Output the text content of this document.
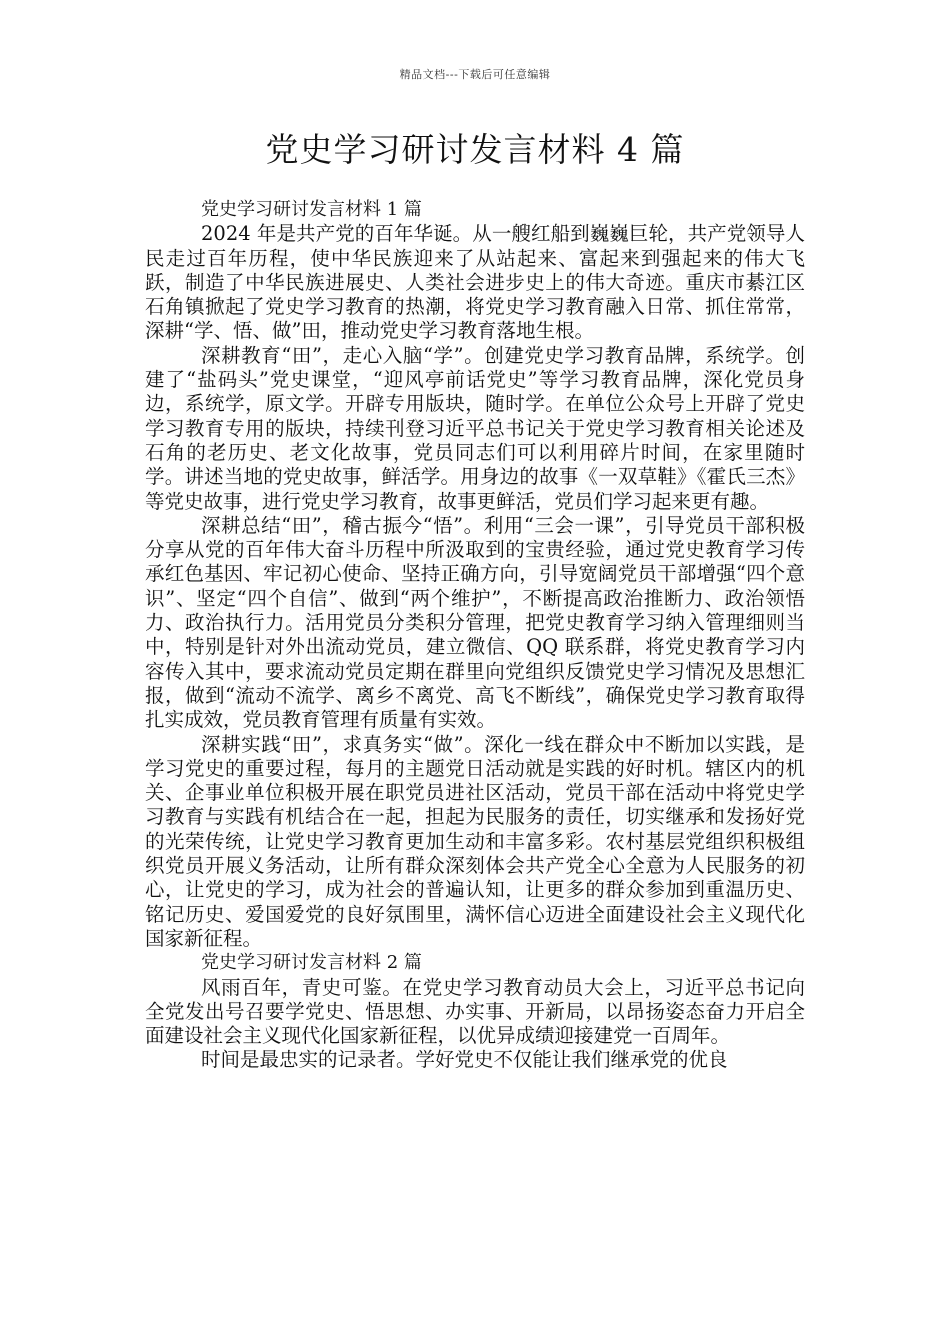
精品文档---下载后可任意编辑
党史学习研讨发言材料 4 篇
党史学习研讨发言材料 1 篇

2024 年是共产党的百年华诞。从一艘红船到巍巍巨轮，共产党领导人民走过百年历程，使中华民族迎来了从站起来、富起来到强起来的伟大飞跃，制造了中华民族进展史、人类社会进步史上的伟大奇迹。重庆市綦江区石角镇掀起了党史学习教育的热潮，将党史学习教育融入日常、抓住常常，深耕“学、悟、做”田，推动党史学习教育落地生根。

深耕教育“田”，走心入脑“学”。创建党史学习教育品牌，系统学。创建了“盐码头”党史课堂，“迎风亭前话党史”等学习教育品牌，深化党员身边，系统学，原文学。开辟专用版块，随时学。在单位公众号上开辟了党史学习教育专用的版块，持续刊登习近平总书记关于党史学习教育相关论述及石角的老历史、老文化故事，党员同志们可以利用碎片时间，在家里随时学。讲述当地的党史故事，鲜活学。用身边的故事《一双草鞋》《霍氏三杰》等党史故事，进行党史学习教育，故事更鲜活，党员们学习起来更有趣。

深耕总结“田”，稽古振今“悟”。利用“三会一课”，引导党员干部积极分享从党的百年伟大奋斗历程中所汲取到的宝贵经验，通过党史教育学习传承红色基因、牢记初心使命、坚持正确方向，引导宽阔党员干部增强“四个意识”、坚定“四个自信”、做到“两个维护”，不断提高政治推断力、政治领悟力、政治执行力。活用党员分类积分管理，把党史教育学习纳入管理细则当中，特别是针对外出流动党员，建立微信、QQ 联系群，将党史教育学习内容传入其中，要求流动党员定期在群里向党组织反馈党史学习情况及思想汇报，做到“流动不流学、离乡不离党、高飞不断线”，确保党史学习教育取得扎实成效，党员教育管理有质量有实效。

深耕实践“田”，求真务实“做”。深化一线在群众中不断加以实践，是学习党史的重要过程，每月的主题党日活动就是实践的好时机。辖区内的机关、企事业单位积极开展在职党员进社区活动，党员干部在活动中将党史学习教育与实践有机结合在一起，担起为民服务的责任，切实继承和发扬好党的光荣传统，让党史学习教育更加生动和丰富多彩。农村基层党组织积极组织党员开展义务活动，让所有群众深刻体会共产党全心全意为人民服务的初心，让党史的学习，成为社会的普遍认知，让更多的群众参加到重温历史、铭记历史、爱国爱党的良好氛围里，满怀信心迈进全面建设社会主义现代化国家新征程。

党史学习研讨发言材料 2 篇

风雨百年，青史可鉴。在党史学习教育动员大会上，习近平总书记向全党发出号召要学党史、悟思想、办实事、开新局，以昂扬姿态奋力开启全面建设社会主义现代化国家新征程，以优异成绩迎接建党一百周年。

时间是最忠实的记录者。学好党史不仅能让我们继承党的优良
